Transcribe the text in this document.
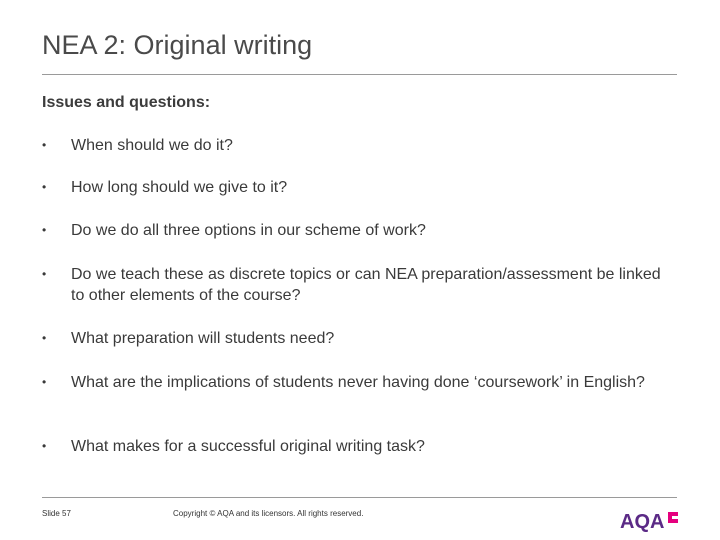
NEA 2: Original writing
Issues and questions:
•	When should we do it?
•	How long should we give to it?
•	Do we do all three options in our scheme of work?
•	Do we teach these as discrete topics or can NEA preparation/assessment be linked to other elements of the course?
•	What preparation will students need?
•	What are the implications of students never having done ‘coursework’ in English?
•	What makes for a successful original writing task?
Slide 57	Copyright © AQA and its licensors. All rights reserved.	AQA
